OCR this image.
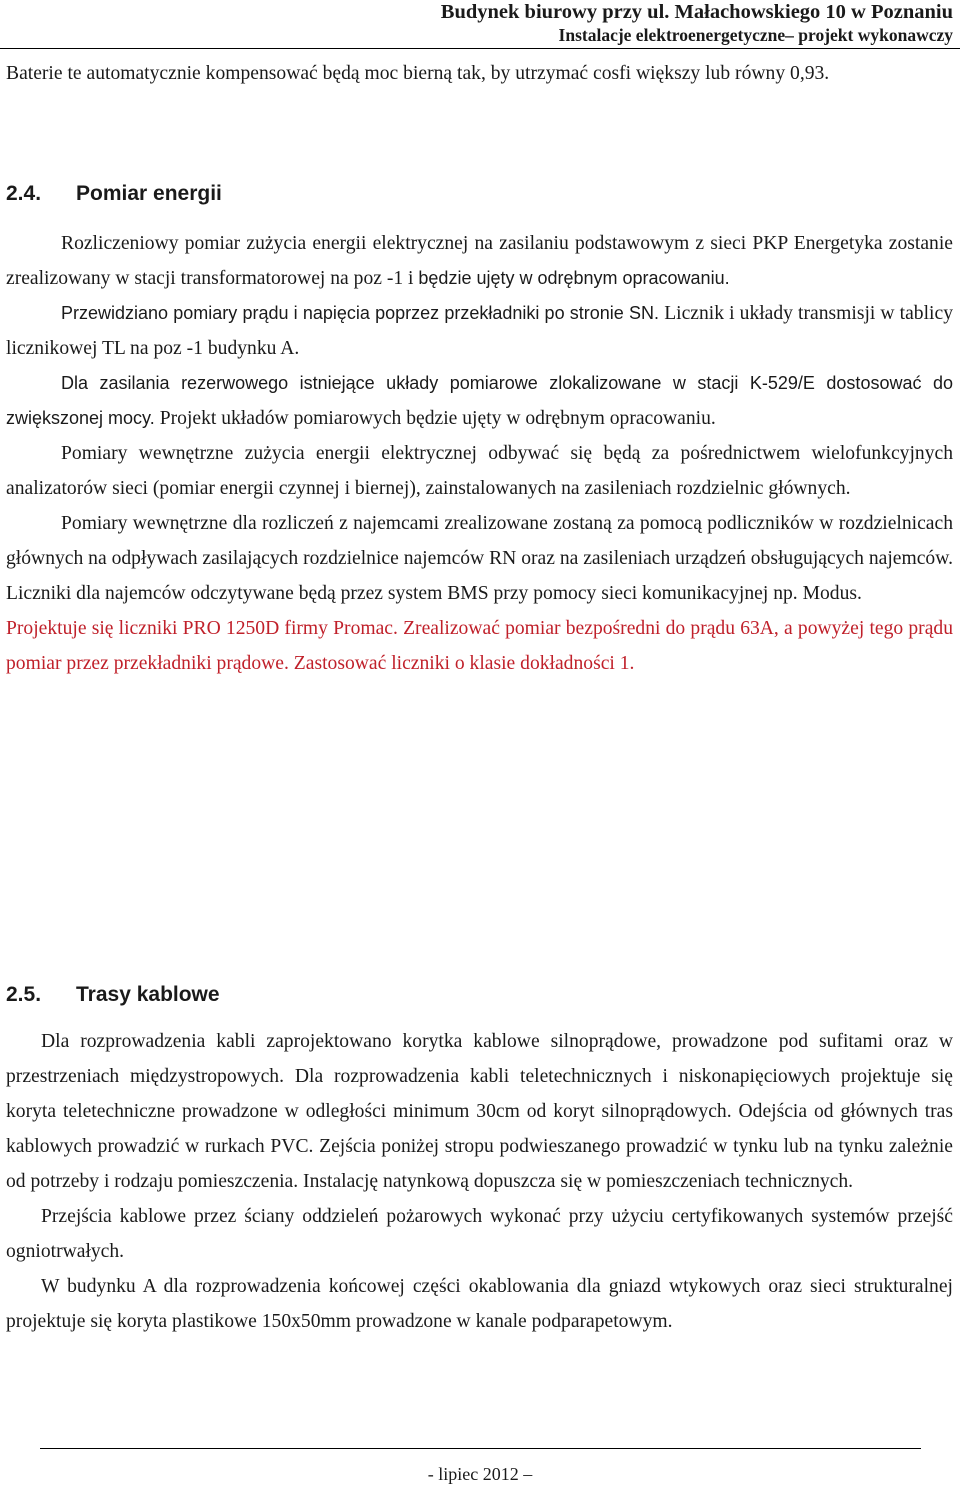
Budynek biurowy przy ul. Małachowskiego 10 w Poznaniu
Instalacje elektroenergetyczne– projekt wykonawczy

Baterie te automatycznie kompensować będą moc bierną tak, by utrzymać cosfi większy lub równy 0,93.

2.4. Pomiar energii

Rozliczeniowy pomiar zużycia energii elektrycznej na zasilaniu podstawowym z sieci PKP Energetyka zostanie zrealizowany w stacji transformatorowej na poz -1 i będzie ujęty w odrębnym opracowaniu.

Przewidziano pomiary prądu i napięcia poprzez przekładniki po stronie SN. Licznik i układy transmisji w tablicy licznikowej TL na poz -1 budynku A.

Dla zasilania rezerwowego istniejące układy pomiarowe zlokalizowane w stacji K-529/E dostosować do zwiększonej mocy. Projekt układów pomiarowych będzie ujęty w odrębnym opracowaniu.

Pomiary wewnętrzne zużycia energii elektrycznej odbywać się będą za pośrednictwem wielofunkcyjnych analizatorów sieci (pomiar energii czynnej i biernej), zainstalowanych na zasileniach rozdzielnic głównych.

Pomiary wewnętrzne dla rozliczeń z najemcami zrealizowane zostaną za pomocą podliczników w rozdzielnicach głównych na odpływach zasilających rozdzielnice najemców RN oraz na zasileniach urządzeń obsługujących najemców. Liczniki dla najemców odczytywane będą przez system BMS przy pomocy sieci komunikacyjnej np. Modus.

Projektuje się liczniki PRO 1250D firmy Promac. Zrealizować pomiar bezpośredni do prądu 63A, a powyżej tego prądu pomiar przez przekładniki prądowe. Zastosować liczniki o klasie dokładności 1.

2.5. Trasy kablowe

Dla rozprowadzenia kabli zaprojektowano korytka kablowe silnoprądowe, prowadzone pod sufitami oraz w przestrzeniach międzystropowych. Dla rozprowadzenia kabli teletechnicznych i niskonapięciowych projektuje się koryta teletechniczne prowadzone w odległości minimum 30cm od koryt silnoprądowych. Odejścia od głównych tras kablowych prowadzić w rurkach PVC. Zejścia poniżej stropu podwieszanego prowadzić w tynku lub na tynku zależnie od potrzeby i rodzaju pomieszczenia. Instalację natynkową dopuszcza się w pomieszczeniach technicznych.

Przejścia kablowe przez ściany oddzieleń pożarowych wykonać przy użyciu certyfikowanych systemów przejść ogniotrwałych.

W budynku A dla rozprowadzenia końcowej części okablowania dla gniazd wtykowych oraz sieci strukturalnej projektuje się koryta plastikowe 150x50mm prowadzone w kanale podparapetowym.

- lipiec 2012 –
